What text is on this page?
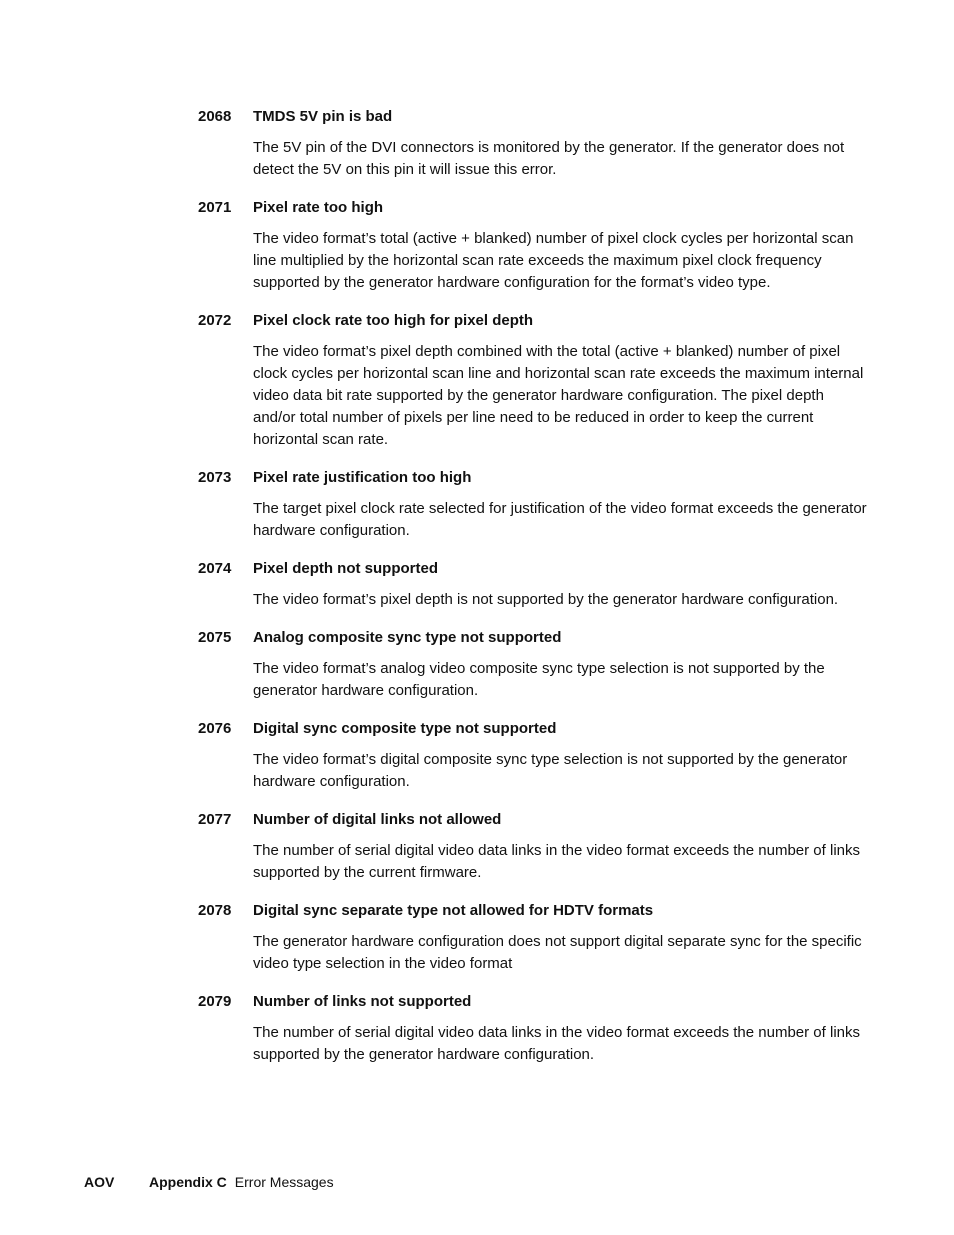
2068	TMDS 5V pin is bad
The 5V pin of the DVI connectors is monitored by the generator. If the generator does not detect the 5V on this pin it will issue this error.
2071	Pixel rate too high
The video format’s total (active + blanked) number of pixel clock cycles per horizontal scan line multiplied by the horizontal scan rate exceeds the maximum pixel clock frequency supported by the generator hardware configuration for the format’s video type.
2072	Pixel clock rate too high for pixel depth
The video format’s pixel depth combined with the total (active + blanked) number of pixel clock cycles per horizontal scan line and horizontal scan rate exceeds the maximum internal video data bit rate supported by the generator hardware configuration. The pixel depth and/or total number of pixels per line need to be reduced in order to keep the current horizontal scan rate.
2073	Pixel rate justification too high
The target pixel clock rate selected for justification of the video format exceeds the generator hardware configuration.
2074	Pixel depth not supported
The video format’s pixel depth is not supported by the generator hardware configuration.
2075	Analog composite sync type not supported
The video format’s analog video composite sync type selection is not supported by the generator hardware configuration.
2076	Digital sync composite type not supported
The video format’s digital composite sync type selection is not supported by the generator hardware configuration.
2077	Number of digital links not allowed
The number of serial digital video data links in the video format exceeds the number of links supported by the current firmware.
2078	Digital sync separate type not allowed for HDTV formats
The generator hardware configuration does not support digital separate sync for the specific video type selection in the video format
2079	Number of links not supported
The number of serial digital video data links in the video format exceeds the number of links supported by the generator hardware configuration.
AOV	Appendix C Error Messages
